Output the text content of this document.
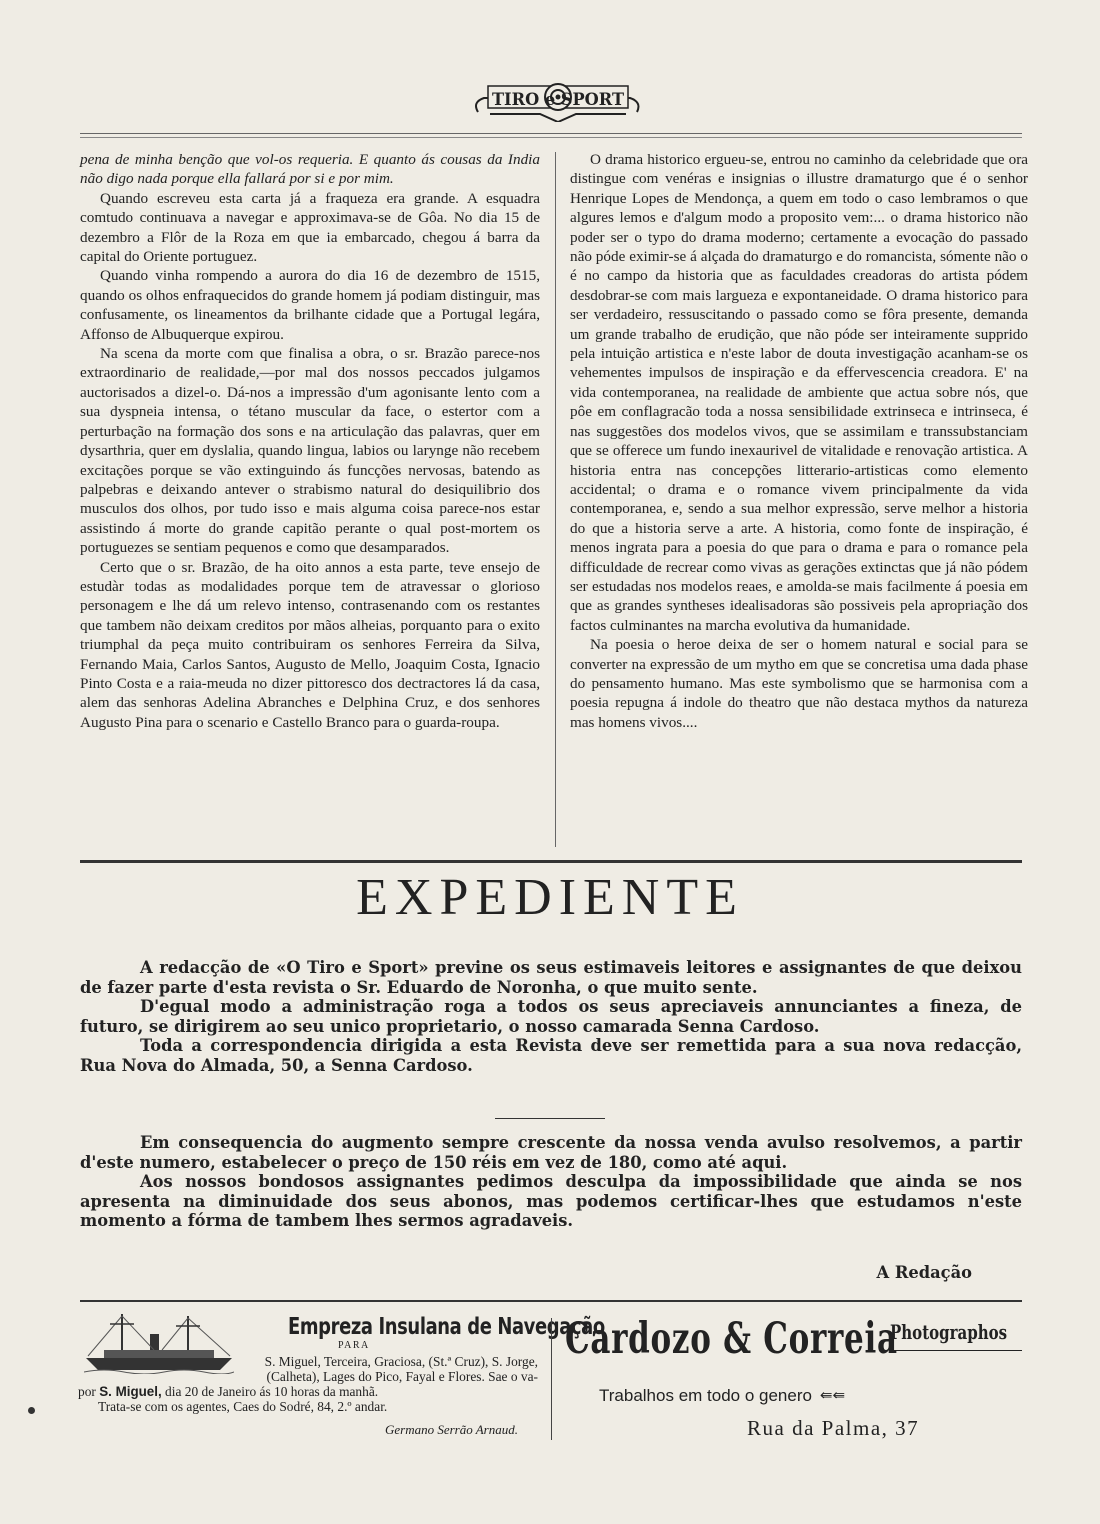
TIRO e SPORT

pena de minha benção que vol-os requeria. E quanto ás cousas da India não digo nada porque ella fallará por si e por mim.

Quando escreveu esta carta já a fraqueza era grande. A esquadra comtudo continuava a navegar e approximava-se de Gôa. No dia 15 de dezembro a Flôr de la Roza em que ia embarcado, chegou á barra da capital do Oriente portuguez.

Quando vinha rompendo a aurora do dia 16 de dezembro de 1515, quando os olhos enfraquecidos do grande homem já podiam distinguir, mas confusamente, os lineamentos da brilhante cidade que a Portugal legára, Affonso de Albuquerque expirou.

Na scena da morte com que finalisa a obra, o sr. Brazão parece-nos extraordinario de realidade,—por mal dos nossos peccados julgamos auctorisados a dizel-o. Dá-nos a impressão d'um agonisante lento com a sua dyspneia intensa, o tétano muscular da face, o estertor com a perturbação na formação dos sons e na articulação das palavras, quer em dysarthria, quer em dyslalia, quando lingua, labios ou larynge não recebem excitações porque se vão extinguindo ás funcções nervosas, batendo as palpebras e deixando antever o strabismo natural do desiquilibrio dos musculos dos olhos, por tudo isso e mais alguma coisa parece-nos estar assistindo á morte do grande capitão perante o qual post-mortem os portuguezes se sentiam pequenos e como que desamparados.

Certo que o sr. Brazão, de ha oito annos a esta parte, teve ensejo de estudàr todas as modalidades porque tem de atravessar o glorioso personagem e lhe dá um relevo intenso, contrasenando com os restantes que tambem não deixam creditos por mãos alheias, porquanto para o exito triumphal da peça muito contribuiram os senhores Ferreira da Silva, Fernando Maia, Carlos Santos, Augusto de Mello, Joaquim Costa, Ignacio Pinto Costa e a raia-meuda no dizer pittoresco dos dectractores lá da casa, alem das senhoras Adelina Abranches e Delphina Cruz, e dos senhores Augusto Pina para o scenario e Castello Branco para o guarda-roupa.

O drama historico ergueu-se, entrou no caminho da celebridade que ora distingue com venéras e insignias o illustre dramaturgo que é o senhor Henrique Lopes de Mendonça, a quem em todo o caso lembramos o que algures lemos e d'algum modo a proposito vem:... o drama historico não poder ser o typo do drama moderno; certamente a evocação do passado não póde eximir-se á alçada do dramaturgo e do romancista, sómente não o é no campo da historia que as faculdades creadoras do artista pódem desdobrar-se com mais largueza e expontaneidade. O drama historico para ser verdadeiro, ressuscitando o passado como se fôra presente, demanda um grande trabalho de erudição, que não póde ser inteiramente supprido pela intuição artistica e n'este labor de douta investigação acanham-se os vehementes impulsos de inspiração e da effervescencia creadora. E' na vida contemporanea, na realidade de ambiente que actua sobre nós, que pôe em conflagracão toda a nossa sensibilidade extrinseca e intrinseca, é nas suggestões dos modelos vivos, que se assimilam e transsubstanciam que se offerece um fundo inexaurivel de vitalidade e renovação artistica. A historia entra nas concepções litterario-artisticas como elemento accidental; o drama e o romance vivem principalmente da vida contemporanea, e, sendo a sua melhor expressão, serve melhor a historia do que a historia serve a arte. A historia, como fonte de inspiração, é menos ingrata para a poesia do que para o drama e para o romance pela difficuldade de recrear como vivas as gerações extinctas que já não pódem ser estudadas nos modelos reaes, e amolda-se mais facilmente á poesia em que as grandes syntheses idealisadoras são possiveis pela apropriação dos factos culminantes na marcha evolutiva da humanidade.

Na poesia o heroe deixa de ser o homem natural e social para se converter na expressão de um mytho em que se concretisa uma dada phase do pensamento humano. Mas este symbolismo que se harmonisa com a poesia repugna á indole do theatro que não destaca mythos da natureza mas homens vivos....

EXPEDIENTE

A redacção de «O Tiro e Sport» previne os seus estimaveis leitores e assignantes de que deixou de fazer parte d'esta revista o Sr. Eduardo de Noronha, o que muito sente.

D'egual modo a administração roga a todos os seus apreciaveis annunciantes a fineza, de futuro, se dirigirem ao seu unico proprietario, o nosso camarada Senna Cardoso.

Toda a correspondencia dirigida a esta Revista deve ser remettida para a sua nova redacção, Rua Nova do Almada, 50, a Senna Cardoso.

Em consequencia do augmento sempre crescente da nossa venda avulso resolvemos, a partir d'este numero, estabelecer o preço de 150 réis em vez de 180, como até aqui.

Aos nossos bondosos assignantes pedimos desculpa da impossibilidade que ainda se nos apresenta na diminuidade dos seus abonos, mas podemos certificar-lhes que estudamos n'este momento a fórma de tambem lhes sermos agradaveis.

A Redação
Empreza Insulana de Navegação
PARA
S. Miguel, Terceira, Graciosa, (St.ª Cruz), S. Jorge,
(Calheta), Lages do Pico, Fayal e Flores. Sae o va-
por S. Miguel, dia 20 de Janeiro ás 10 horas da manhã.
Trata-se com os agentes, Caes do Sodré, 84, 2.º andar.
Germano Serrão Arnaud.
Cardozo & Correia
Photographos
Trabalhos em todo o genero ⇚⇚
Rua da Palma, 37
